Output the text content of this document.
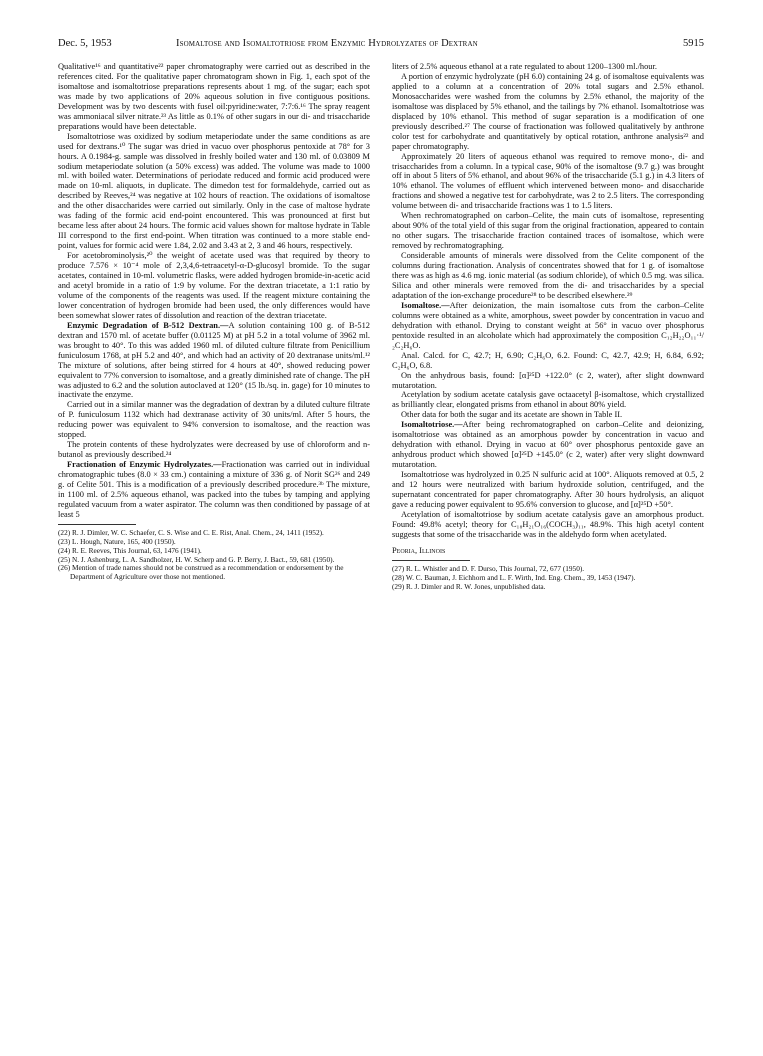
Dec. 5, 1953	Isomaltose and Isomaltotriose from Enzymic Hydrolyzates of Dextran	5915

Qualitative¹⁶ and quantitative²² paper chromatography were carried out as described in the references cited. For the qualitative paper chromatogram shown in Fig. 1, each spot of the isomaltose and isomaltotriose preparations represents about 1 mg. of the sugar; each spot was made by two applications of 20% aqueous solution in five contiguous positions. Development was by two descents with fusel oil:pyridine:water, 7:7:6.¹⁶ The spray reagent was ammoniacal silver nitrate.²³ As little as 0.1% of other sugars in our di- and trisaccharide preparations would have been detectable.

Isomaltotriose was oxidized by sodium metaperiodate under the same conditions as are used for dextrans.¹⁰ The sugar was dried in vacuo over phosphorus pentoxide at 78° for 3 hours. A 0.1984-g. sample was dissolved in freshly boiled water and 130 ml. of 0.03809 M sodium metaperiodate solution (a 50% excess) was added. The volume was made to 1000 ml. with boiled water. Determinations of periodate reduced and formic acid produced were made on 10-ml. aliquots, in duplicate. The dimedon test for formaldehyde, carried out as described by Reeves,²⁴ was negative at 102 hours of reaction. The oxidations of isomaltose and the other disaccharides were carried out similarly. Only in the case of maltose hydrate was fading of the formic acid end-point encountered. This was pronounced at first but became less after about 24 hours. The formic acid values shown for maltose hydrate in Table III correspond to the first end-point. When titration was continued to a more stable end-point, values for formic acid were 1.84, 2.02 and 3.43 at 2, 3 and 46 hours, respectively.

For acetobrominolysis,²⁰ the weight of acetate used was that required by theory to produce 7.576 × 10⁻⁴ mole of 2,3,4,6-tetraacetyl-α-D-glucosyl bromide. To the sugar acetates, contained in 10-ml. volumetric flasks, were added hydrogen bromide-in-acetic acid and acetyl bromide in a ratio of 1:9 by volume. For the dextran triacetate, a 1:1 ratio by volume of the components of the reagents was used. If the reagent mixture containing the lower concentration of hydrogen bromide had been used, the only differences would have been somewhat slower rates of dissolution and reaction of the dextran triacetate.

Enzymic Degradation of B-512 Dextran.—A solution containing 100 g. of B-512 dextran and 1570 ml. of acetate buffer (0.01125 M) at pH 5.2 in a total volume of 3962 ml. was brought to 40°. To this was added 1960 ml. of diluted culture filtrate from Penicillium funiculosum 1768, at pH 5.2 and 40°, and which had an activity of 20 dextranase units/ml.¹² The mixture of solutions, after being stirred for 4 hours at 40°, showed reducing power equivalent to 77% conversion to isomaltose, and a greatly diminished rate of change. The pH was adjusted to 6.2 and the solution autoclaved at 120° (15 lb./sq. in. gage) for 10 minutes to inactivate the enzyme.

Carried out in a similar manner was the degradation of dextran by a diluted culture filtrate of P. funiculosum 1132 which had dextranase activity of 30 units/ml. After 5 hours, the reducing power was equivalent to 94% conversion to isomaltose, and the reaction was stopped.

The protein contents of these hydrolyzates were decreased by use of chloroform and n-butanol as previously described.²⁴

Fractionation of Enzymic Hydrolyzates.—Fractionation was carried out in individual chromatographic tubes (8.0 × 33 cm.) containing a mixture of 336 g. of Norit SG²⁶ and 249 g. of Celite 501. This is a modification of a previously described procedure.³ᵇ The mixture, in 1100 ml. of 2.5% aqueous ethanol, was packed into the tubes by tamping and applying regulated vacuum from a water aspirator. The column was then conditioned by passage of at least 5

(22) R. J. Dimler, W. C. Schaefer, C. S. Wise and C. E. Rist, Anal. Chem., 24, 1411 (1952).
(23) L. Hough, Nature, 165, 400 (1950).
(24) R. E. Reeves, This Journal, 63, 1476 (1941).
(25) N. J. Ashenburg, L. A. Sandholzer, H. W. Scherp and G. P. Berry, J. Bact., 59, 681 (1950).
(26) Mention of trade names should not be construed as a recommendation or endorsement by the Department of Agriculture over those not mentioned.

liters of 2.5% aqueous ethanol at a rate regulated to about 1200–1300 ml./hour.

A portion of enzymic hydrolyzate (pH 6.0) containing 24 g. of isomaltose equivalents was applied to a column at a concentration of 20% total sugars and 2.5% ethanol. Monosaccharides were washed from the columns by 2.5% ethanol, the majority of the isomaltose was displaced by 5% ethanol, and the tailings by 7% ethanol. Isomaltotriose was displaced by 10% ethanol. This method of sugar separation is a modification of one previously described.²⁷ The course of fractionation was followed qualitatively by anthrone color test for carbohydrate and quantitatively by optical rotation, anthrone analysis²² and paper chromatography.

Approximately 20 liters of aqueous ethanol was required to remove mono-, di- and trisaccharides from a column. In a typical case, 90% of the isomaltose (9.7 g.) was brought off in about 5 liters of 5% ethanol, and about 96% of the trisaccharide (5.1 g.) in 4.3 liters of 10% ethanol. The volumes of effluent which intervened between mono- and disaccharide fractions and showed a negative test for carbohydrate, was 2 to 2.5 liters. The corresponding volume between di- and trisaccharide fractions was 1 to 1.5 liters.

When rechromatographed on carbon–Celite, the main cuts of isomaltose, representing about 90% of the total yield of this sugar from the original fractionation, appeared to contain no other sugars. The trisaccharide fraction contained traces of isomaltose, which were removed by rechromatographing.

Considerable amounts of minerals were dissolved from the Celite component of the columns during fractionation. Analysis of concentrates showed that for 1 g. of isomaltose there was as high as 4.6 mg. ionic material (as sodium chloride), of which 0.5 mg. was silica. Silica and other minerals were removed from the di- and trisaccharides by a special adaptation of the ion-exchange procedure²⁸ to be described elsewhere.²⁹

Isomaltose.—After deionization, the main isomaltose cuts from the carbon–Celite columns were obtained as a white, amorphous, sweet powder by concentration in vacuo and dehydration with ethanol. Drying to constant weight at 56° in vacuo over phosphorus pentoxide resulted in an alcoholate which had approximately the composition C₁₂H₂₂O₁₁·¹/₂C₂H₆O.

Anal. Calcd. for C, 42.7; H, 6.90; C₂H₆O, 6.2. Found: C, 42.7, 42.9; H, 6.84, 6.92; C₂H₆O, 6.8.

On the anhydrous basis, found: [α]²⁵D +122.0° (c 2, water), after slight downward mutarotation.

Acetylation by sodium acetate catalysis gave octaacetyl β-isomaltose, which crystallized as brilliantly clear, elongated prisms from ethanol in about 80% yield.

Other data for both the sugar and its acetate are shown in Table II.

Isomaltotriose.—After being rechromatographed on carbon–Celite and deionizing, isomaltotriose was obtained as an amorphous powder by concentration in vacuo and dehydration with ethanol. Drying in vacuo at 60° over phosphorus pentoxide gave an anhydrous product which showed [α]²⁵D +145.0° (c 2, water) after very slight downward mutarotation.

Isomaltotriose was hydrolyzed in 0.25 N sulfuric acid at 100°. Aliquots removed at 0.5, 2 and 12 hours were neutralized with barium hydroxide solution, centrifuged, and the supernatant concentrated for paper chromatography. After 30 hours hydrolysis, an aliquot gave a reducing power equivalent to 95.6% conversion to glucose, and [α]²⁵D +50°.

Acetylation of isomaltotriose by sodium acetate catalysis gave an amorphous product. Found: 49.8% acetyl; theory for C₁₈H₂₁O₁₆(COCH₃)₁₁, 48.9%. This high acetyl content suggests that some of the trisaccharide was in the aldehydo form when acetylated.

Peoria, Illinois
(27) R. L. Whistler and D. F. Durso, This Journal, 72, 677 (1950).
(28) W. C. Bauman, J. Eichhorn and L. F. Wirth, Ind. Eng. Chem., 39, 1453 (1947).
(29) R. J. Dimler and R. W. Jones, unpublished data.
